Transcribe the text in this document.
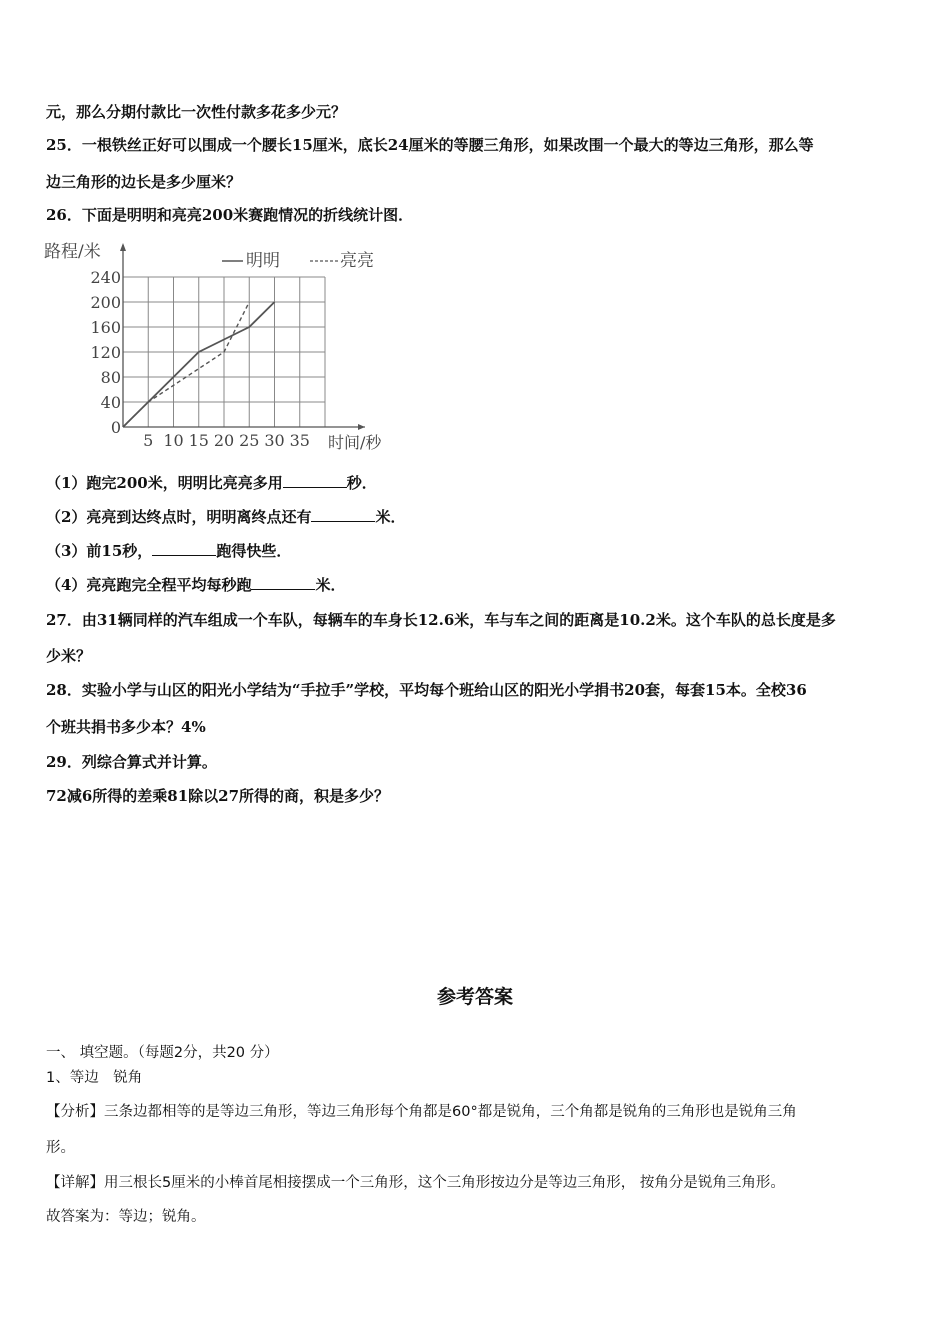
元，那么分期付款比一次性付款多花多少元？
25．一根铁丝正好可以围成一个腰长15厘米，底长24厘米的等腰三角形，如果改围一个最大的等边三角形，那么等
边三角形的边长是多少厘米？
26．下面是明明和亮亮200米赛跑情况的折线统计图．
5 10 15 20 25 30 35
0
40
80
120
160
200
240
路程/米
时间/秒
明明	亮亮
（1）跑完200米，明明比亮亮多用	秒．
（2）亮亮到达终点时，明明离终点还有	米．
（3）前15秒，	跑得快些．
（4）亮亮跑完全程平均每秒跑	米．
27．由31辆同样的汽车组成一个车队，每辆车的车身长12.6米，车与车之间的距离是10.2米。这个车队的总长度是多
少米？
28．实验小学与山区的阳光小学结为“手拉手”学校，平均每个班给山区的阳光小学捐书20套，每套15本。全校36
个班共捐书多少本？4%
29．列综合算式并计算。
72减6所得的差乘81除以27所得的商，积是多少？
参考答案
一、 填空题。（每题2分，共20 分）
1、等边　锐角
【分析】三条边都相等的是等边三角形，等边三角形每个角都是60°都是锐角，三个角都是锐角的三角形也是锐角三角
形。
【详解】用三根长5厘米的小棒首尾相接摆成一个三角形，这个三角形按边分是等边三角形， 按角分是锐角三角形。
故答案为：等边；锐角。
